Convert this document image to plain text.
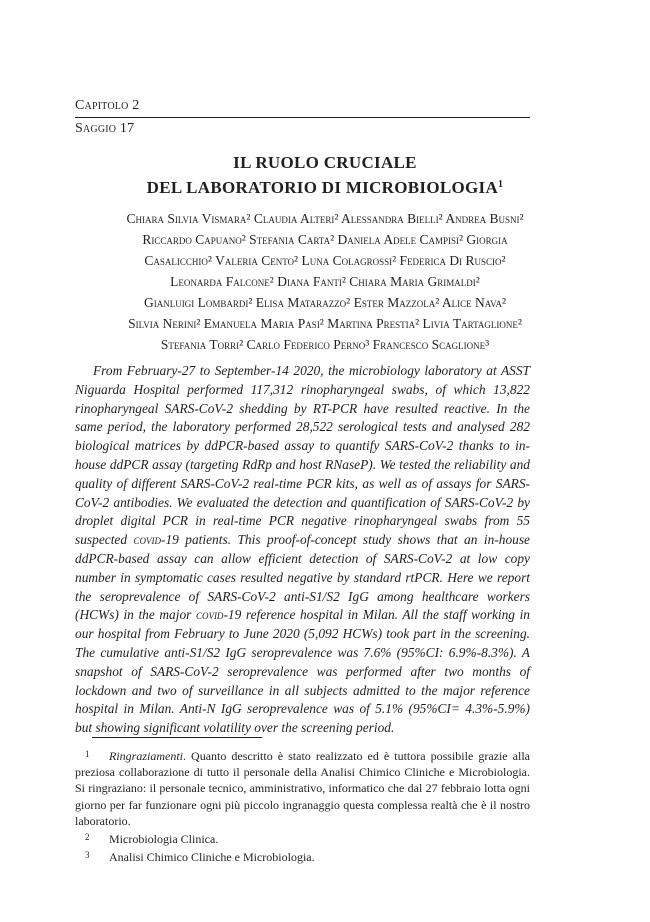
Capitolo 2
Saggio 17
IL RUOLO CRUCIALE
DEL LABORATORIO DI MICROBIOLOGIA$^1$
Chiara Silvia Vismara² Claudia Alteri² Alessandra Bielli² Andrea Busni²
Riccardo Capuano² Stefania Carta² Daniela Adele Campisi² Giorgia
Casalicchio² Valeria Cento² Luna Colagrossi² Federica Di Ruscio²
Leonarda Falcone² Diana Fanti² Chiara Maria Grimaldi²
Gianluigi Lombardi² Elisa Matarazzo² Ester Mazzola² Alice Nava²
Silvia Nerini² Emanuela Maria Pasi² Martina Prestia² Livia Tartaglione²
Stefania Torri² Carlo Federico Perno³ Francesco Scaglione³
From February-27 to September-14 2020, the microbiology laboratory at ASST Niguarda Hospital performed 117,312 rinopharyngeal swabs, of which 13,822 rinopharyngeal SARS-CoV-2 shedding by RT-PCR have resulted reactive. In the same period, the laboratory performed 28,522 serological tests and analysed 282 biological matrices by ddPCR-based assay to quantify SARS-CoV-2 thanks to in-house ddPCR assay (targeting RdRp and host RNaseP). We tested the reliability and quality of different SARS-CoV-2 real-time PCR kits, as well as of assays for SARS-CoV-2 antibodies. We evaluated the detection and quantification of SARS-CoV-2 by droplet digital PCR in real-time PCR negative rinopharyngeal swabs from 55 suspected covid-19 patients. This proof-of-concept study shows that an in-house ddPCR-based assay can allow efficient detection of SARS-CoV-2 at low copy number in symptomatic cases resulted negative by standard rtPCR. Here we report the seroprevalence of SARS-CoV-2 anti-S1/S2 IgG among healthcare workers (HCWs) in the major covid-19 reference hospital in Milan. All the staff working in our hospital from February to June 2020 (5,092 HCWs) took part in the screening. The cumulative anti-S1/S2 IgG seroprevalence was 7.6% (95%CI: 6.9%-8.3%). A snapshot of SARS-CoV-2 seroprevalence was performed after two months of lockdown and two of surveillance in all subjects admitted to the major reference hospital in Milan. Anti-N IgG seroprevalence was of 5.1% (95%CI= 4.3%-5.9%) but showing significant volatility over the screening period.
1 Ringraziamenti. Quanto descritto è stato realizzato ed è tuttora possibile grazie alla preziosa collaborazione di tutto il personale della Analisi Chimico Cliniche e Microbiologia. Si ringraziano: il personale tecnico, amministrativo, informatico che dal 27 febbraio lotta ogni giorno per far funzionare ogni più piccolo ingranaggio questa complessa realtà che è il nostro laboratorio.
2 Microbiologia Clinica.
3 Analisi Chimico Cliniche e Microbiologia.
